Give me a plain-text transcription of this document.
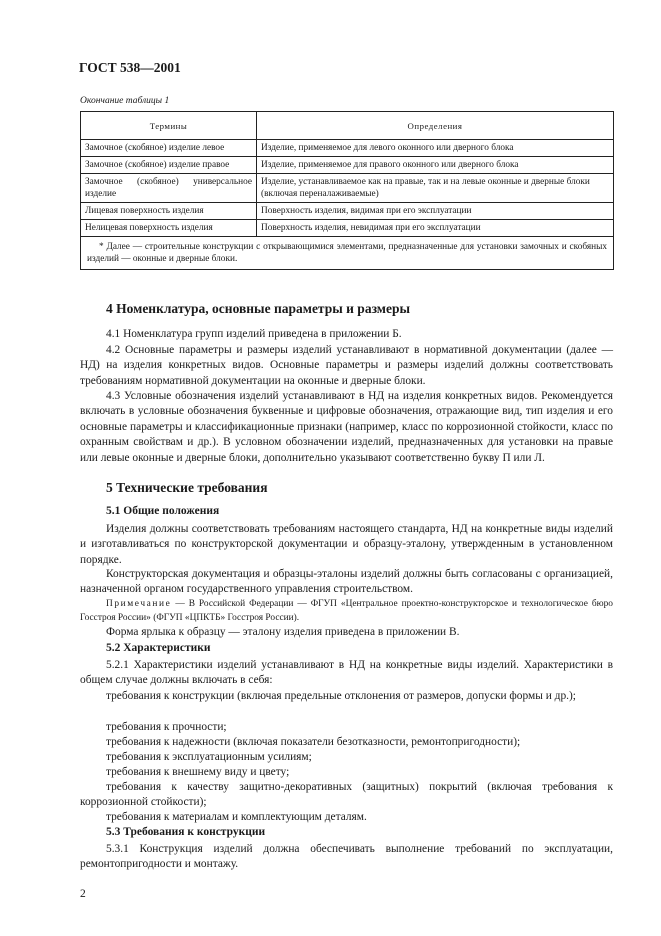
ГОСТ 538—2001
Окончание таблицы 1
Термины	Определения
Замочное (скобяное) изделие левое	Изделие, применяемое для левого оконного или дверного блока
Замочное (скобяное) изделие правое	Изделие, применяемое для правого оконного или дверного блока
Замочное (скобяное) универсальное изделие	Изделие, устанавливаемое как на правые, так и на левые оконные и дверные блоки (включая переналаживаемые)
Лицевая поверхность изделия	Поверхность изделия, видимая при его эксплуатации
Нелицевая поверхность изделия	Поверхность изделия, невидимая при его эксплуатации
* Далее — строительные конструкции с открывающимися элементами, предназначенные для установки замочных и скобяных изделий — оконные и дверные блоки.	
4 Номенклатура, основные параметры и размеры

4.1 Номенклатура групп изделий приведена в приложении Б.

4.2 Основные параметры и размеры изделий устанавливают в нормативной документации (далее — НД) на изделия конкретных видов. Основные параметры и размеры изделий должны соответствовать требованиям нормативной документации на оконные и дверные блоки.

4.3 Условные обозначения изделий устанавливают в НД на изделия конкретных видов. Рекомендуется включать в условные обозначения буквенные и цифровые обозначения, отражающие вид, тип изделия и его основные параметры и классификационные признаки (например, класс по коррозионной стойкости, класс по охранным свойствам и др.). В условном обозначении изделий, предназначенных для установки на правые или левые оконные и дверные блоки, дополнительно указывают соответственно букву П или Л.

5 Технические требования
5.1 Общие положения

Изделия должны соответствовать требованиям настоящего стандарта, НД на конкретные виды изделий и изготавливаться по конструкторской документации и образцу-эталону, утвержденным в установленном порядке.

Конструкторская документация и образцы-эталоны изделий должны быть согласованы с организацией, назначенной органом государственного управления строительством.

Примечание — В Российской Федерации — ФГУП «Центральное проектно-конструкторское и технологическое бюро Госстроя России» (ФГУП «ЦПКТБ» Госстроя России).

Форма ярлыка к образцу — эталону изделия приведена в приложении В.

5.2 Характеристики

5.2.1 Характеристики изделий устанавливают в НД на конкретные виды изделий. Характеристики в общем случае должны включать в себя:

требования к конструкции (включая предельные отклонения от размеров, допуски формы и др.);

требования к прочности;

требования к надежности (включая показатели безотказности, ремонтопригодности);

требования к эксплуатационным усилиям;

требования к внешнему виду и цвету;

требования к качеству защитно-декоративных (защитных) покрытий (включая требования к коррозионной стойкости);

требования к материалам и комплектующим деталям.

5.3 Требования к конструкции

5.3.1 Конструкция изделий должна обеспечивать выполнение требований по эксплуатации, ремонтопригодности и монтажу.

2
